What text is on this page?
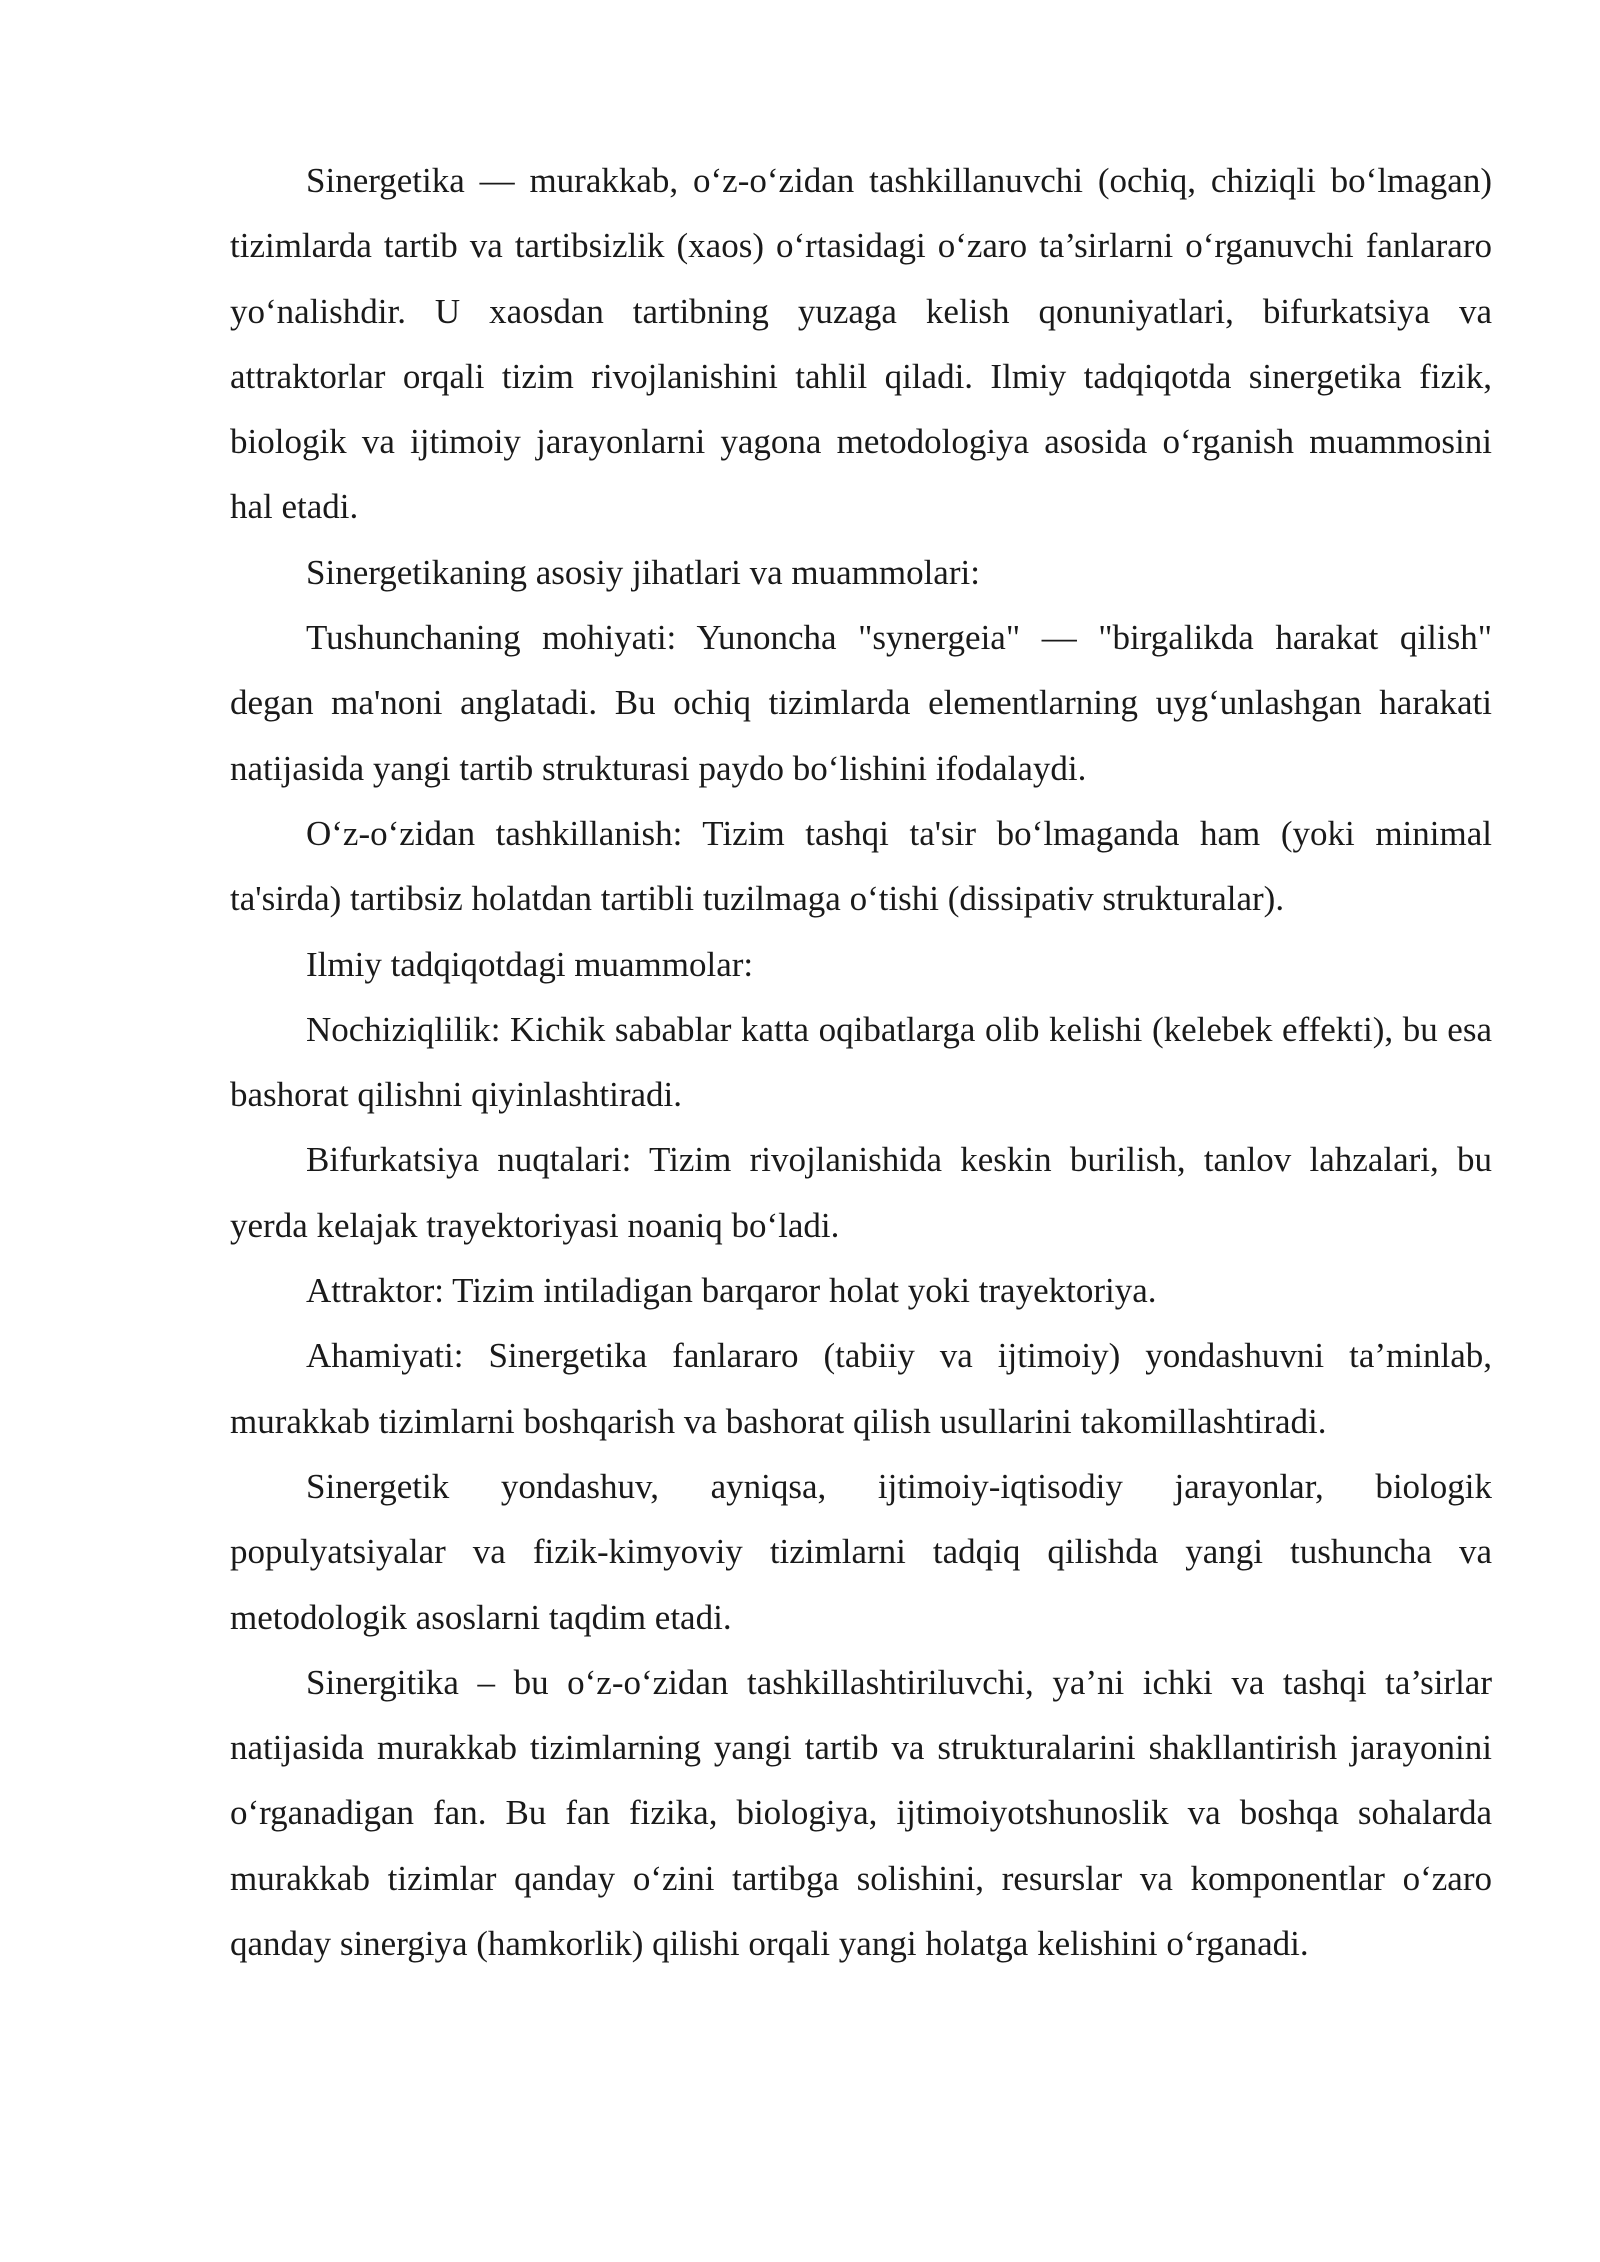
Sinergetika — murakkab, o‘z-o‘zidan tashkillanuvchi (ochiq, chiziqli bo‘lmagan) tizimlarda tartib va tartibsizlik (xaos) o‘rtasidagi o‘zaro ta’sirlarni o‘rganuvchi fanlararo yo‘nalishdir. U xaosdan tartibning yuzaga kelish qonuniyatlari, bifurkatsiya va attraktorlar orqali tizim rivojlanishini tahlil qiladi. Ilmiy tadqiqotda sinergetika fizik, biologik va ijtimoiy jarayonlarni yagona metodologiya asosida o‘rganish muammosini hal etadi.

Sinergetikaning asosiy jihatlari va muammolari:

Tushunchaning mohiyati: Yunoncha "synergeia" — "birgalikda harakat qilish" degan ma'noni anglatadi. Bu ochiq tizimlarda elementlarning uyg‘unlashgan harakati natijasida yangi tartib strukturasi paydo bo‘lishini ifodalaydi.

O‘z-o‘zidan tashkillanish: Tizim tashqi ta'sir bo‘lmaganda ham (yoki minimal ta'sirda) tartibsiz holatdan tartibli tuzilmaga o‘tishi (dissipativ strukturalar).

Ilmiy tadqiqotdagi muammolar:

Nochiziqlilik: Kichik sabablar katta oqibatlarga olib kelishi (kelebek effekti), bu esa bashorat qilishni qiyinlashtiradi.

Bifurkatsiya nuqtalari: Tizim rivojlanishida keskin burilish, tanlov lahzalari, bu yerda kelajak trayektoriyasi noaniq bo‘ladi.

Attraktor: Tizim intiladigan barqaror holat yoki trayektoriya.

Ahamiyati: Sinergetika fanlararo (tabiiy va ijtimoiy) yondashuvni ta’minlab, murakkab tizimlarni boshqarish va bashorat qilish usullarini takomillashtiradi.

Sinergetik yondashuv, ayniqsa, ijtimoiy-iqtisodiy jarayonlar, biologik populyatsiyalar va fizik-kimyoviy tizimlarni tadqiq qilishda yangi tushuncha va metodologik asoslarni taqdim etadi.

Sinergitika – bu o‘z-o‘zidan tashkillashtiriluvchi, ya’ni ichki va tashqi ta’sirlar natijasida murakkab tizimlarning yangi tartib va strukturalarini shakllantirish jarayonini o‘rganadigan fan. Bu fan fizika, biologiya, ijtimoiyotshunoslik va boshqa sohalarda murakkab tizimlar qanday o‘zini tartibga solishini, resurslar va komponentlar o‘zaro qanday sinergiya (hamkorlik) qilishi orqali yangi holatga kelishini o‘rganadi.
